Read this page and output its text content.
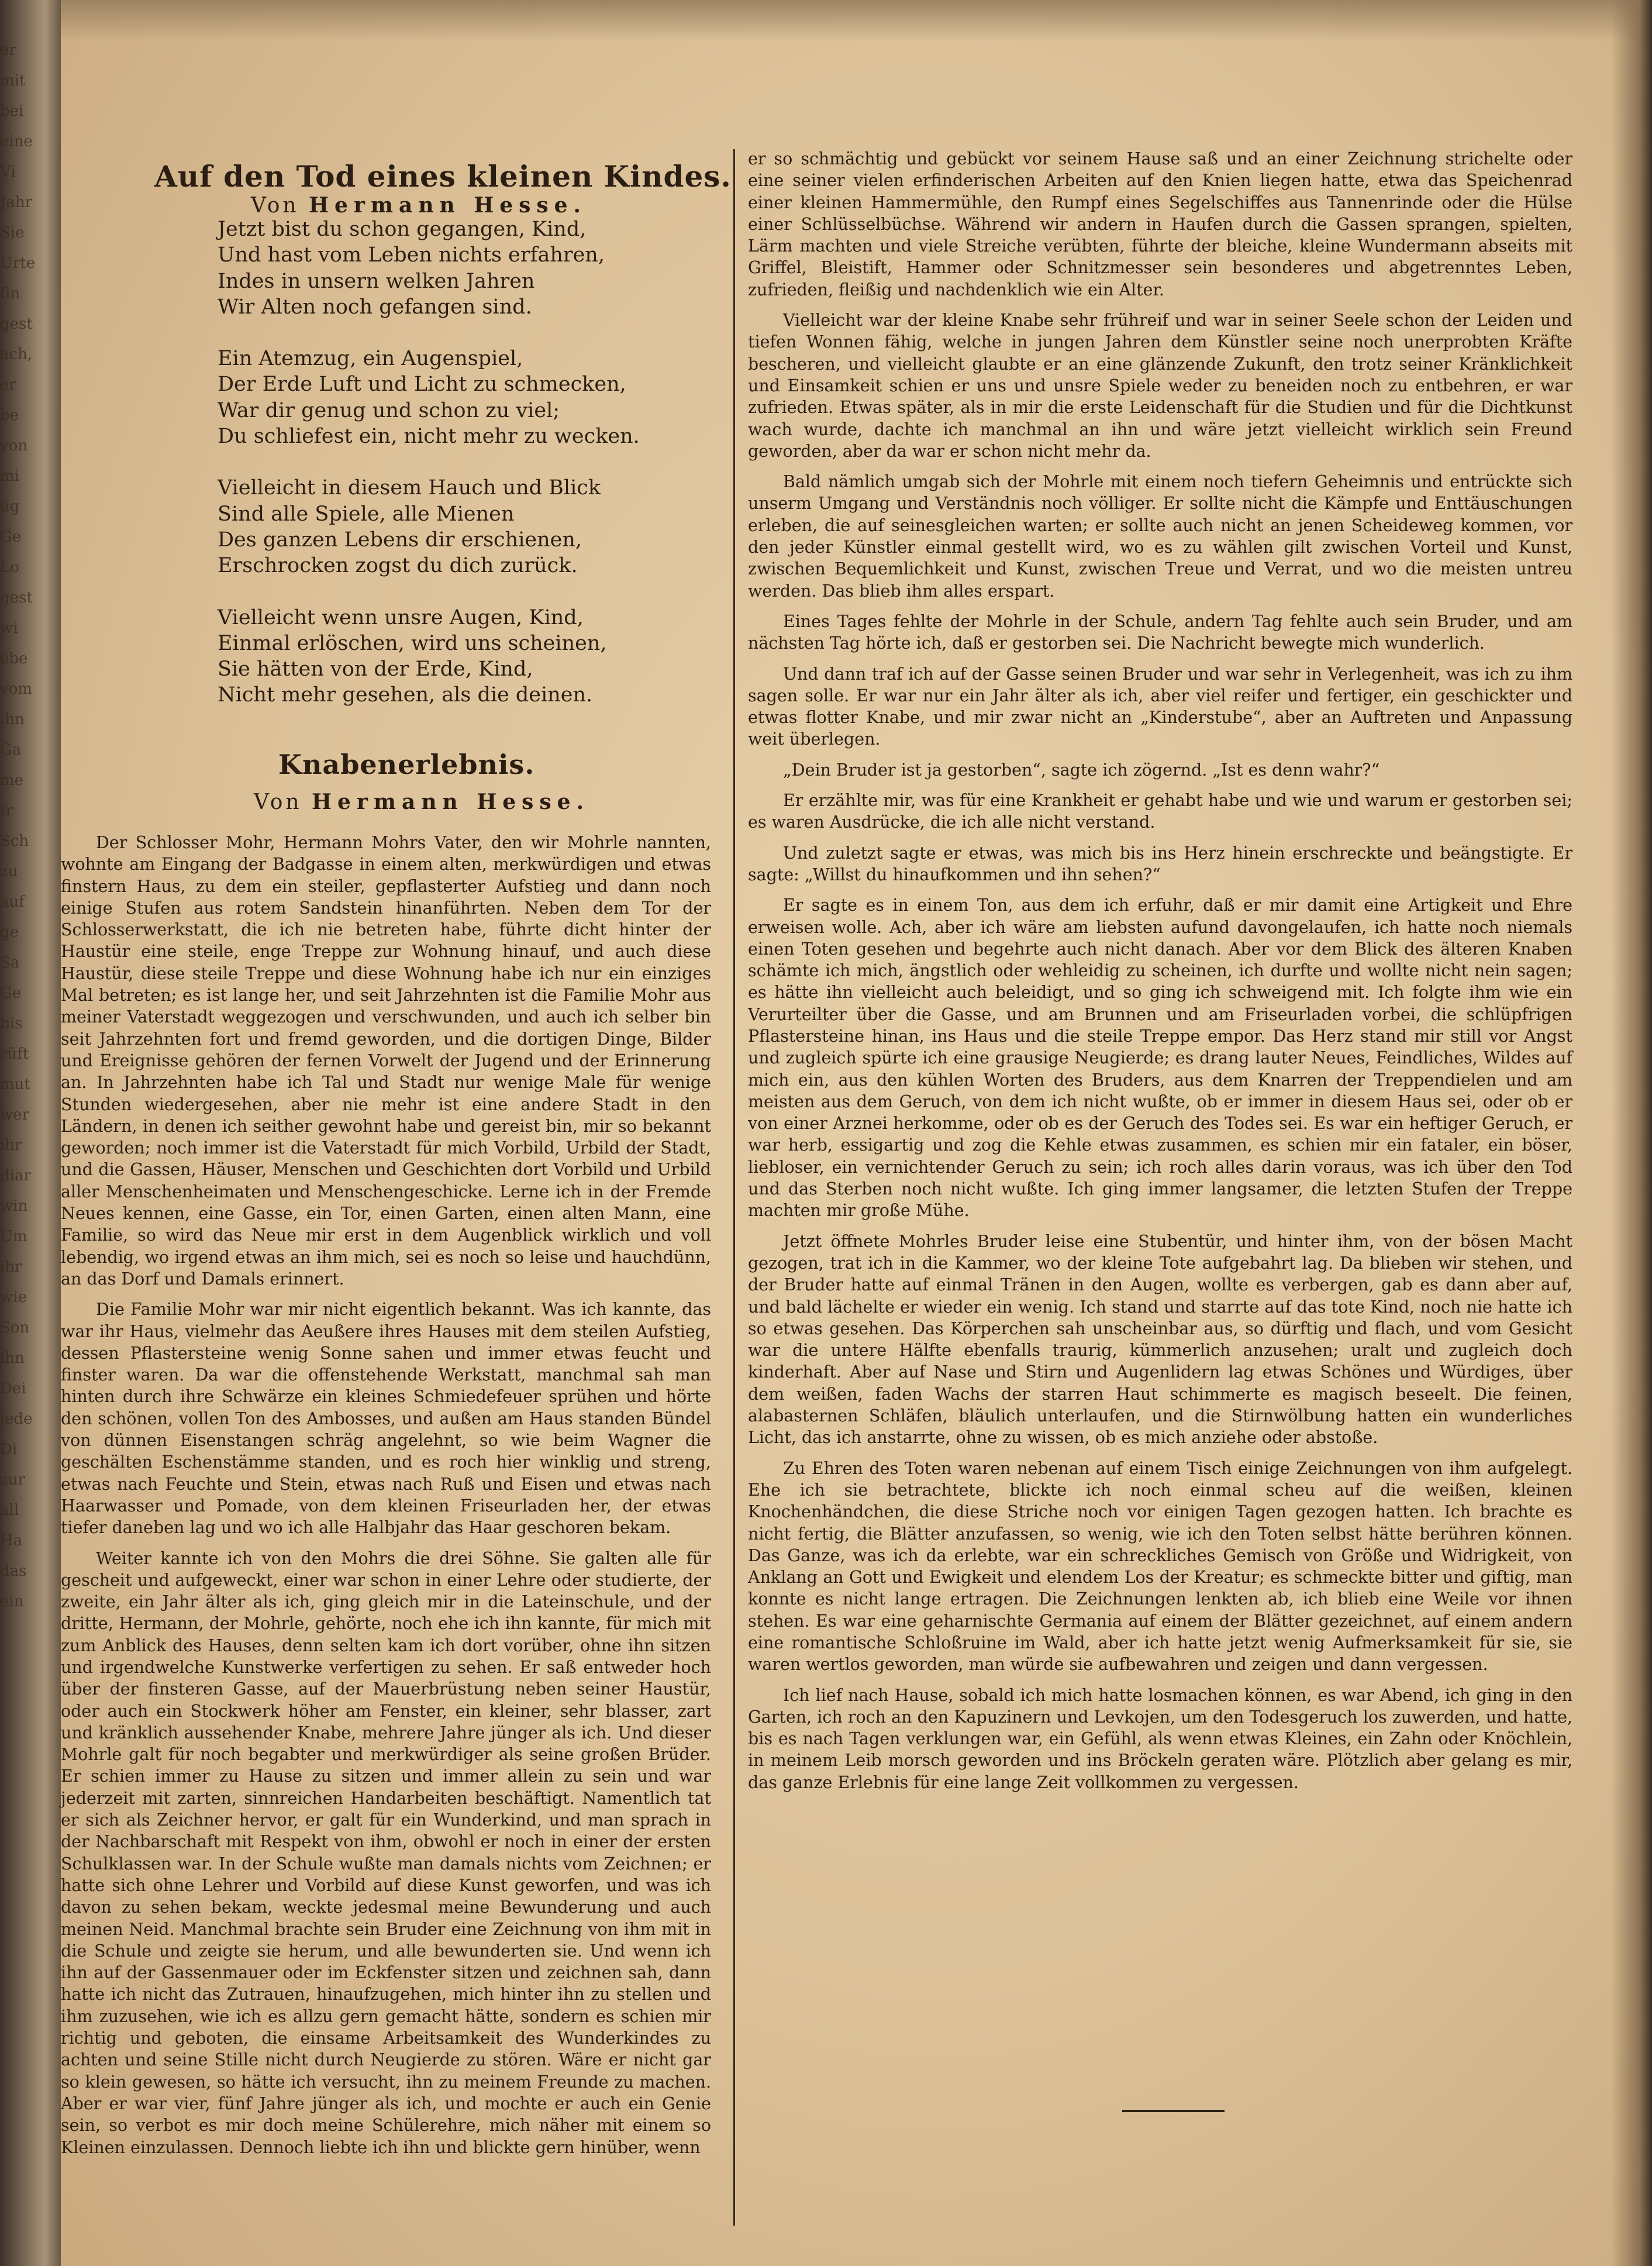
er
mit
bei
eine
Vi
Jahr
Sie
Urte
fin
gest
ach,
er
be
von
mi
ug
Ge
Lo
gest
wi
ebe
vom
ihn
Ga
me
fr
Sch
zu
auf
ge
Sa
Ge
bis
rüft
mut
wer
ihr
diar
win
Um
ihr
wie
Son
ihn
Dei
jede
Di
zur
all
Ha
das
ein
Auf den Tod eines kleinen Kindes.
Von Hermann Hesse.
Jetzt bist du schon gegangen, Kind,
Und hast vom Leben nichts erfahren,
Indes in unsern welken Jahren
Wir Alten noch gefangen sind.
Ein Atemzug, ein Augenspiel,
Der Erde Luft und Licht zu schmecken,
War dir genug und schon zu viel;
Du schliefest ein, nicht mehr zu wecken.
Vielleicht in diesem Hauch und Blick
Sind alle Spiele, alle Mienen
Des ganzen Lebens dir erschienen,
Erschrocken zogst du dich zurück.
Vielleicht wenn unsre Augen, Kind,
Einmal erlöschen, wird uns scheinen,
Sie hätten von der Erde, Kind,
Nicht mehr gesehen, als die deinen.
Knabenerlebnis.
Von Hermann Hesse.

Der Schlosser Mohr, Hermann Mohrs Vater, den wir Mohrle nannten, wohnte am Eingang der Badgasse in einem alten, merkwürdigen und etwas finstern Haus, zu dem ein steiler, gepflasterter Aufstieg und dann noch einige Stufen aus rotem Sandstein hinanführten. Neben dem Tor der Schlosserwerkstatt, die ich nie betreten habe, führte dicht hinter der Haustür eine steile, enge Treppe zur Wohnung hinauf, und auch diese Haustür, diese steile Treppe und diese Wohnung habe ich nur ein einziges Mal betreten; es ist lange her, und seit Jahrzehnten ist die Familie Mohr aus meiner Vaterstadt weggezogen und verschwunden, und auch ich selber bin seit Jahrzehnten fort und fremd geworden, und die dortigen Dinge, Bilder und Ereignisse gehören der fernen Vorwelt der Jugend und der Erinnerung an. In Jahrzehnten habe ich Tal und Stadt nur wenige Male für wenige Stunden wiedergesehen, aber nie mehr ist eine andere Stadt in den Ländern, in denen ich seither gewohnt habe und gereist bin, mir so bekannt geworden; noch immer ist die Vaterstadt für mich Vorbild, Urbild der Stadt, und die Gassen, Häuser, Menschen und Geschichten dort Vorbild und Urbild aller Menschenheimaten und Menschengeschicke. Lerne ich in der Fremde Neues kennen, eine Gasse, ein Tor, einen Garten, einen alten Mann, eine Familie, so wird das Neue mir erst in dem Augenblick wirklich und voll lebendig, wo irgend etwas an ihm mich, sei es noch so leise und hauchdünn, an das Dorf und Damals erinnert.

Die Familie Mohr war mir nicht eigentlich bekannt. Was ich kannte, das war ihr Haus, vielmehr das Aeußere ihres Hauses mit dem steilen Aufstieg, dessen Pflastersteine wenig Sonne sahen und immer etwas feucht und finster waren. Da war die offenstehende Werkstatt, manchmal sah man hinten durch ihre Schwärze ein kleines Schmiedefeuer sprühen und hörte den schönen, vollen Ton des Ambosses, und außen am Haus standen Bündel von dünnen Eisenstangen schräg angelehnt, so wie beim Wagner die geschälten Eschenstämme standen, und es roch hier winklig und streng, etwas nach Feuchte und Stein, etwas nach Ruß und Eisen und etwas nach Haarwasser und Pomade, von dem kleinen Friseurladen her, der etwas tiefer daneben lag und wo ich alle Halbjahr das Haar geschoren bekam.

Weiter kannte ich von den Mohrs die drei Söhne. Sie galten alle für gescheit und aufgeweckt, einer war schon in einer Lehre oder studierte, der zweite, ein Jahr älter als ich, ging gleich mir in die Lateinschule, und der dritte, Hermann, der Mohrle, gehörte, noch ehe ich ihn kannte, für mich mit zum Anblick des Hauses, denn selten kam ich dort vorüber, ohne ihn sitzen und irgendwelche Kunstwerke verfertigen zu sehen. Er saß entweder hoch über der finsteren Gasse, auf der Mauerbrüstung neben seiner Haustür, oder auch ein Stockwerk höher am Fenster, ein kleiner, sehr blasser, zart und kränklich aussehender Knabe, mehrere Jahre jünger als ich. Und dieser Mohrle galt für noch begabter und merkwürdiger als seine großen Brüder. Er schien immer zu Hause zu sitzen und immer allein zu sein und war jederzeit mit zarten, sinnreichen Handarbeiten beschäftigt. Namentlich tat er sich als Zeichner hervor, er galt für ein Wunderkind, und man sprach in der Nachbarschaft mit Respekt von ihm, obwohl er noch in einer der ersten Schulklassen war. In der Schule wußte man damals nichts vom Zeichnen; er hatte sich ohne Lehrer und Vorbild auf diese Kunst geworfen, und was ich davon zu sehen bekam, weckte jedesmal meine Bewunderung und auch meinen Neid. Manchmal brachte sein Bruder eine Zeichnung von ihm mit in die Schule und zeigte sie herum, und alle bewunderten sie. Und wenn ich ihn auf der Gassenmauer oder im Eckfenster sitzen und zeichnen sah, dann hatte ich nicht das Zutrauen, hinaufzugehen, mich hinter ihn zu stellen und ihm zuzusehen, wie ich es allzu gern gemacht hätte, sondern es schien mir richtig und geboten, die einsame Arbeitsamkeit des Wunderkindes zu achten und seine Stille nicht durch Neugierde zu stören. Wäre er nicht gar so klein gewesen, so hätte ich versucht, ihn zu meinem Freunde zu machen. Aber er war vier, fünf Jahre jünger als ich, und mochte er auch ein Genie sein, so verbot es mir doch meine Schülerehre, mich näher mit einem so Kleinen einzulassen. Dennoch liebte ich ihn und blickte gern hinüber, wenn

er so schmächtig und gebückt vor seinem Hause saß und an einer Zeichnung strichelte oder eine seiner vielen erfinderischen Arbeiten auf den Knien liegen hatte, etwa das Speichenrad einer kleinen Hammermühle, den Rumpf eines Segelschiffes aus Tannenrinde oder die Hülse einer Schlüsselbüchse. Während wir andern in Haufen durch die Gassen sprangen, spielten, Lärm machten und viele Streiche verübten, führte der bleiche, kleine Wundermann abseits mit Griffel, Bleistift, Hammer oder Schnitzmesser sein besonderes und abgetrenntes Leben, zufrieden, fleißig und nachdenklich wie ein Alter.

Vielleicht war der kleine Knabe sehr frühreif und war in seiner Seele schon der Leiden und tiefen Wonnen fähig, welche in jungen Jahren dem Künstler seine noch unerprobten Kräfte bescheren, und vielleicht glaubte er an eine glänzende Zukunft, den trotz seiner Kränklichkeit und Einsamkeit schien er uns und unsre Spiele weder zu beneiden noch zu entbehren, er war zufrieden. Etwas später, als in mir die erste Leidenschaft für die Studien und für die Dichtkunst wach wurde, dachte ich manchmal an ihn und wäre jetzt vielleicht wirklich sein Freund geworden, aber da war er schon nicht mehr da.

Bald nämlich umgab sich der Mohrle mit einem noch tiefern Geheimnis und entrückte sich unserm Umgang und Verständnis noch völliger. Er sollte nicht die Kämpfe und Enttäuschungen erleben, die auf seinesgleichen warten; er sollte auch nicht an jenen Scheideweg kommen, vor den jeder Künstler einmal gestellt wird, wo es zu wählen gilt zwischen Vorteil und Kunst, zwischen Bequemlichkeit und Kunst, zwischen Treue und Verrat, und wo die meisten untreu werden. Das blieb ihm alles erspart.

Eines Tages fehlte der Mohrle in der Schule, andern Tag fehlte auch sein Bruder, und am nächsten Tag hörte ich, daß er gestorben sei. Die Nachricht bewegte mich wunderlich.

Und dann traf ich auf der Gasse seinen Bruder und war sehr in Verlegenheit, was ich zu ihm sagen solle. Er war nur ein Jahr älter als ich, aber viel reifer und fertiger, ein geschickter und etwas flotter Knabe, und mir zwar nicht an „Kinderstube“, aber an Auftreten und Anpassung weit überlegen.

„Dein Bruder ist ja gestorben“, sagte ich zögernd. „Ist es denn wahr?“

Er erzählte mir, was für eine Krankheit er gehabt habe und wie und warum er gestorben sei; es waren Ausdrücke, die ich alle nicht verstand.

Und zuletzt sagte er etwas, was mich bis ins Herz hinein erschreckte und beängstigte. Er sagte: „Willst du hinaufkommen und ihn sehen?“

Er sagte es in einem Ton, aus dem ich erfuhr, daß er mir damit eine Artigkeit und Ehre erweisen wolle. Ach, aber ich wäre am liebsten aufund davongelaufen, ich hatte noch niemals einen Toten gesehen und begehrte auch nicht danach. Aber vor dem Blick des älteren Knaben schämte ich mich, ängstlich oder wehleidig zu scheinen, ich durfte und wollte nicht nein sagen; es hätte ihn vielleicht auch beleidigt, und so ging ich schweigend mit. Ich folgte ihm wie ein Verurteilter über die Gasse, und am Brunnen und am Friseurladen vorbei, die schlüpfrigen Pflastersteine hinan, ins Haus und die steile Treppe empor. Das Herz stand mir still vor Angst und zugleich spürte ich eine grausige Neugierde; es drang lauter Neues, Feindliches, Wildes auf mich ein, aus den kühlen Worten des Bruders, aus dem Knarren der Treppendielen und am meisten aus dem Geruch, von dem ich nicht wußte, ob er immer in diesem Haus sei, oder ob er von einer Arznei herkomme, oder ob es der Geruch des Todes sei. Es war ein heftiger Geruch, er war herb, essigartig und zog die Kehle etwas zusammen, es schien mir ein fataler, ein böser, liebloser, ein vernichtender Geruch zu sein; ich roch alles darin voraus, was ich über den Tod und das Sterben noch nicht wußte. Ich ging immer langsamer, die letzten Stufen der Treppe machten mir große Mühe.

Jetzt öffnete Mohrles Bruder leise eine Stubentür, und hinter ihm, von der bösen Macht gezogen, trat ich in die Kammer, wo der kleine Tote aufgebahrt lag. Da blieben wir stehen, und der Bruder hatte auf einmal Tränen in den Augen, wollte es verbergen, gab es dann aber auf, und bald lächelte er wieder ein wenig. Ich stand und starrte auf das tote Kind, noch nie hatte ich so etwas gesehen. Das Körperchen sah unscheinbar aus, so dürftig und flach, und vom Gesicht war die untere Hälfte ebenfalls traurig, kümmerlich anzusehen; uralt und zugleich doch kinderhaft. Aber auf Nase und Stirn und Augenlidern lag etwas Schönes und Würdiges, über dem weißen, faden Wachs der starren Haut schimmerte es magisch beseelt. Die feinen, alabasternen Schläfen, bläulich unterlaufen, und die Stirnwölbung hatten ein wunderliches Licht, das ich anstarrte, ohne zu wissen, ob es mich anziehe oder abstoße.

Zu Ehren des Toten waren nebenan auf einem Tisch einige Zeichnungen von ihm aufgelegt. Ehe ich sie betrachtete, blickte ich noch einmal scheu auf die weißen, kleinen Knochenhändchen, die diese Striche noch vor einigen Tagen gezogen hatten. Ich brachte es nicht fertig, die Blätter anzufassen, so wenig, wie ich den Toten selbst hätte berühren können. Das Ganze, was ich da erlebte, war ein schreckliches Gemisch von Größe und Widrigkeit, von Anklang an Gott und Ewigkeit und elendem Los der Kreatur; es schmeckte bitter und giftig, man konnte es nicht lange ertragen. Die Zeichnungen lenkten ab, ich blieb eine Weile vor ihnen stehen. Es war eine geharnischte Germania auf einem der Blätter gezeichnet, auf einem andern eine romantische Schloßruine im Wald, aber ich hatte jetzt wenig Aufmerksamkeit für sie, sie waren wertlos geworden, man würde sie aufbewahren und zeigen und dann vergessen.

Ich lief nach Hause, sobald ich mich hatte losmachen können, es war Abend, ich ging in den Garten, ich roch an den Kapuzinern und Levkojen, um den Todesgeruch los zuwerden, und hatte, bis es nach Tagen verklungen war, ein Gefühl, als wenn etwas Kleines, ein Zahn oder Knöchlein, in meinem Leib morsch geworden und ins Bröckeln geraten wäre. Plötzlich aber gelang es mir, das ganze Erlebnis für eine lange Zeit vollkommen zu vergessen.
